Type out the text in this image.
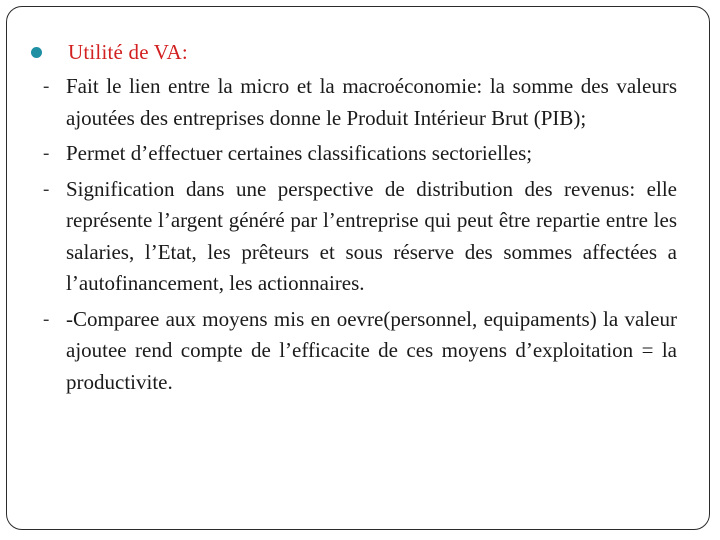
Utilité de VA:
- Fait le lien entre la micro et la macroéconomie: la somme des valeurs ajoutées des entreprises donne le Produit Intérieur Brut (PIB);
- Permet d’effectuer certaines classifications sectorielles;
- Signification dans une perspective de distribution des revenus: elle représente l’argent généré par l’entreprise qui peut être repartie entre les salaries, l’Etat, les prêteurs et sous réserve des sommes affectées a l’autofinancement, les actionnaires.
- -Comparee aux moyens mis en oevre(personnel, equipaments) la valeur ajoutee rend compte de l’efficacite de ces moyens d’exploitation = la productivite.
